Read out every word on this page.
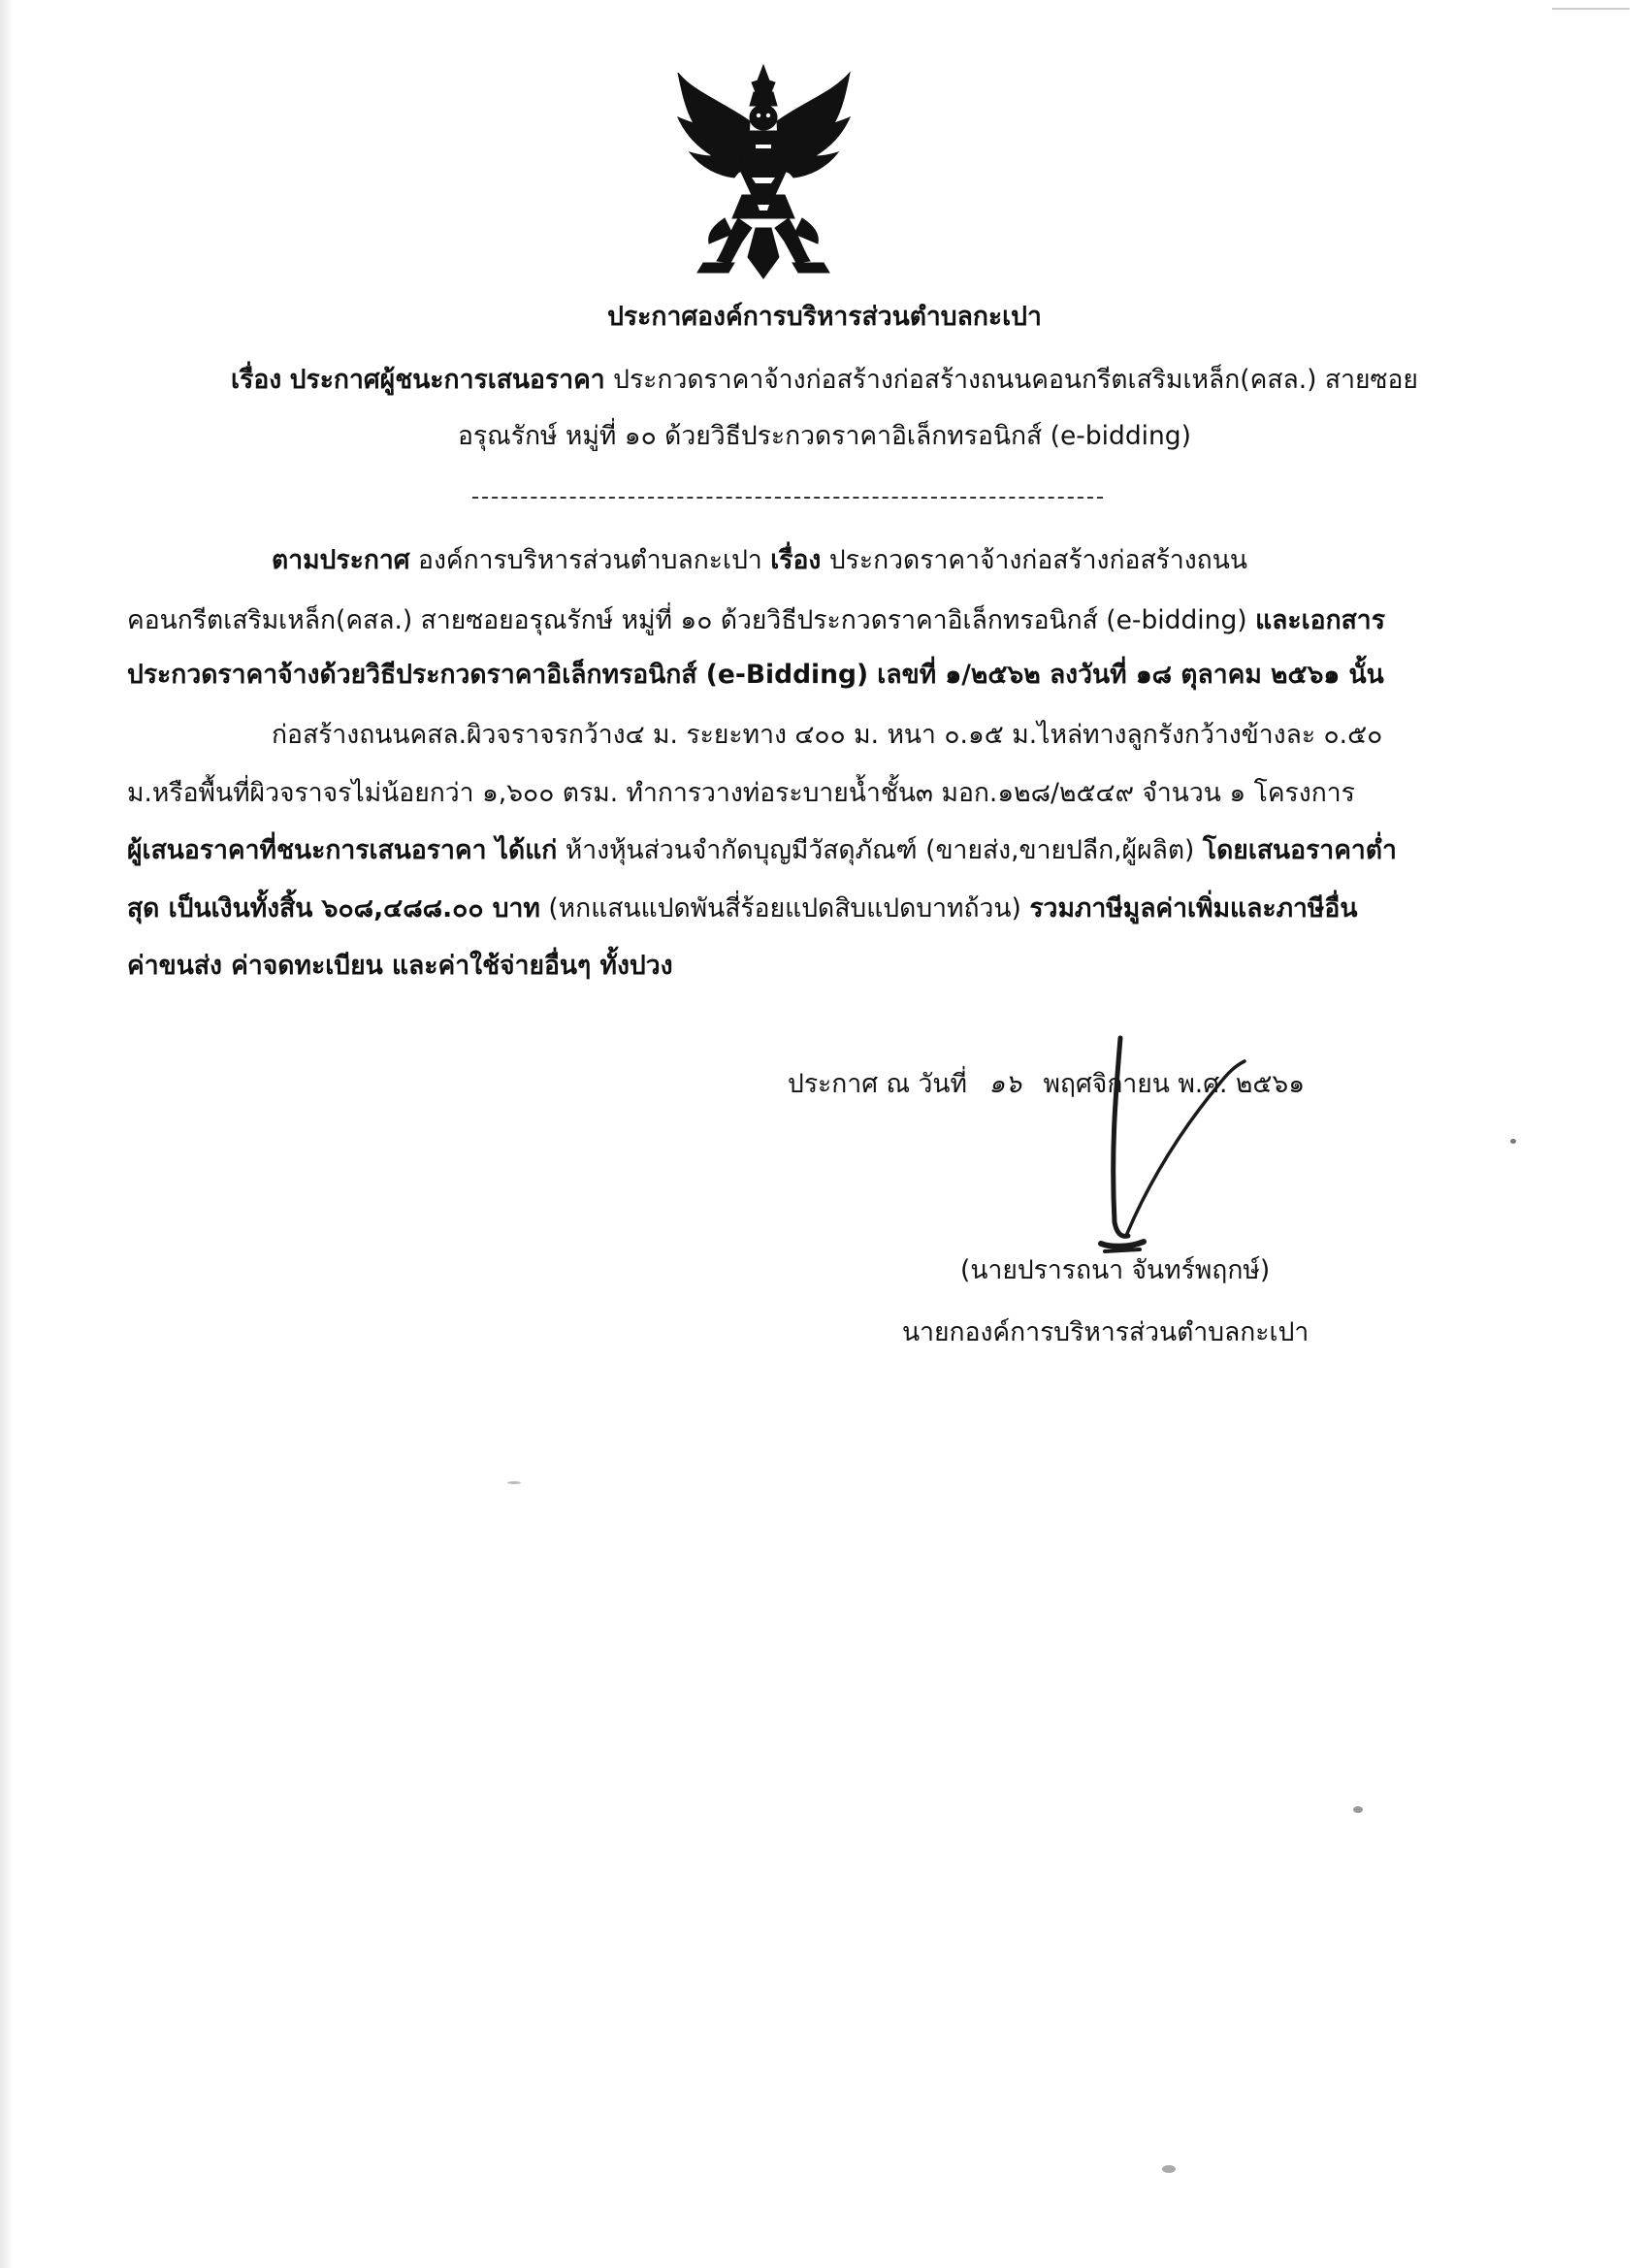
ประกาศองค์การบริหารส่วนตำบลกะเปา
เรื่อง ประกาศผู้ชนะการเสนอราคา ประกวดราคาจ้างก่อสร้างก่อสร้างถนนคอนกรีตเสริมเหล็ก(คสล.) สายซอย
อรุณรักษ์ หมู่ที่ ๑๐ ด้วยวิธีประกวดราคาอิเล็กทรอนิกส์ (e-bidding)
ตามประกาศ องค์การบริหารส่วนตำบลกะเปา เรื่อง ประกวดราคาจ้างก่อสร้างก่อสร้างถนน
คอนกรีตเสริมเหล็ก(คสล.) สายซอยอรุณรักษ์ หมู่ที่ ๑๐ ด้วยวิธีประกวดราคาอิเล็กทรอนิกส์ (e-bidding) และเอกสาร
ประกวดราคาจ้างด้วยวิธีประกวดราคาอิเล็กทรอนิกส์ (e-Bidding) เลขที่ ๑/๒๕๖๒ ลงวันที่ ๑๘ ตุลาคม ๒๕๖๑ นั้น
ก่อสร้างถนนคสล.ผิวจราจรกว้าง๔ ม. ระยะทาง ๔๐๐ ม. หนา ๐.๑๕ ม.ไหล่ทางลูกรังกว้างข้างละ ๐.๕๐
ม.หรือพื้นที่ผิวจราจรไม่น้อยกว่า ๑,๖๐๐ ตรม. ทำการวางท่อระบายน้ำชั้น๓ มอก.๑๒๘/๒๕๔๙ จำนวน ๑ โครงการ
ผู้เสนอราคาที่ชนะการเสนอราคา ได้แก่ ห้างหุ้นส่วนจำกัดบุญมีวัสดุภัณฑ์ (ขายส่ง,ขายปลีก,ผู้ผลิต) โดยเสนอราคาต่ำ
สุด เป็นเงินทั้งสิ้น ๖๐๘,๔๘๘.๐๐ บาท (หกแสนแปดพันสี่ร้อยแปดสิบแปดบาทถ้วน) รวมภาษีมูลค่าเพิ่มและภาษีอื่น
ค่าขนส่ง ค่าจดทะเบียน และค่าใช้จ่ายอื่นๆ ทั้งปวง
ประกาศ ณ วันที่ ๑๖ พฤศจิกายน พ.ศ. ๒๕๖๑
(นายปรารถนา จันทร์พฤกษ์)
นายกองค์การบริหารส่วนตำบลกะเปา
